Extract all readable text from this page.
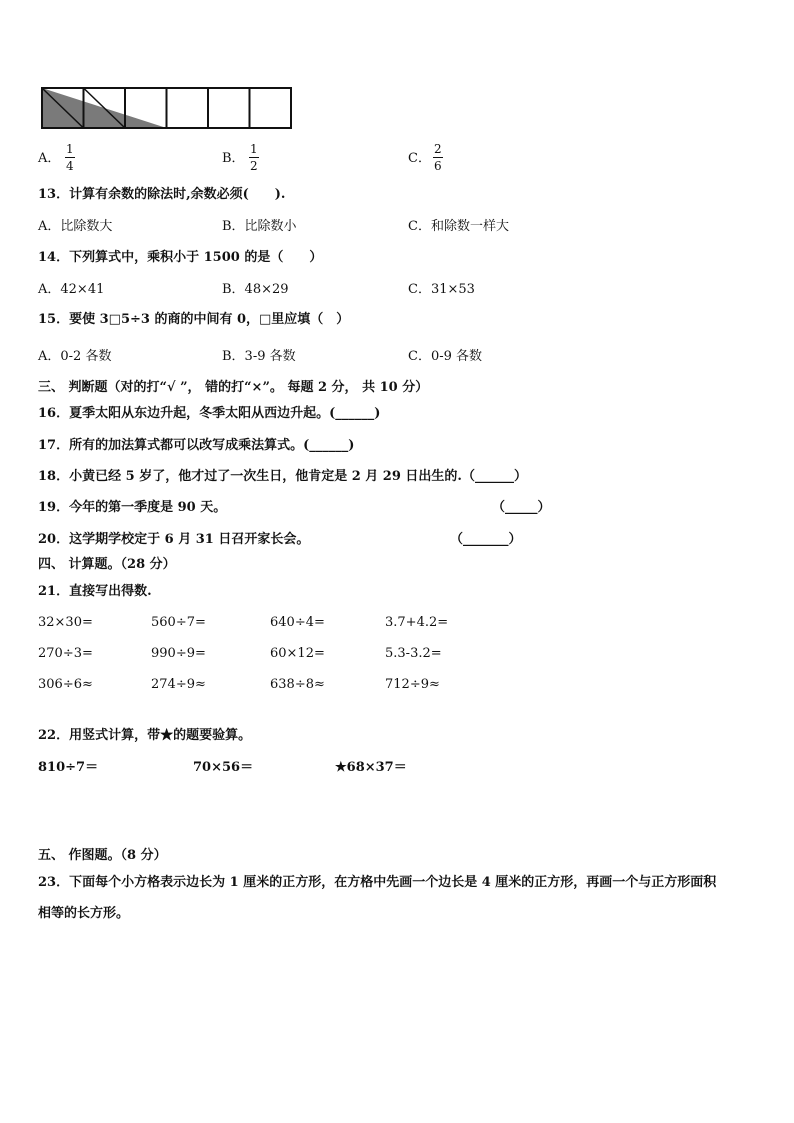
A．
1
4	B．
1
2	C．
2
6
13．计算有余数的除法时,余数必须(　　).
A．比除数大	B．比除数小	C．和除数一样大
14．下列算式中，乘积小于 1500 的是（　　）
A．42×41	B．48×29	C．31×53
15．要使 3□5÷3 的商的中间有 0，□里应填（　）
A．0-2 各数	B．3-9 各数	C．0-9 各数
三、 判断题（对的打“√ ”， 错的打“×”。 每题 2 分， 共 10 分）
16．夏季太阳从东边升起，冬季太阳从西边升起。(______)
17．所有的加法算式都可以改写成乘法算式。(______)
18．小黄已经 5 岁了，他才过了一次生日，他肯定是 2 月 29 日出生的.（______）
19．今年的第一季度是 90 天。	（_____）
20．这学期学校定于 6 月 31 日召开家长会。	（_______）
四、 计算题。（28 分）
21．直接写出得数.
32×30=	560÷7=	640÷4=	3.7+4.2=
270÷3=	990÷9=	60×12=	5.3-3.2=
306÷6≈	274÷9≈	638÷8≈	712÷9≈
22．用竖式计算，带★的题要验算。
810÷7＝	70×56＝	★68×37＝
五、 作图题。（8 分）
23．下面每个小方格表示边长为 1 厘米的正方形，在方格中先画一个边长是 4 厘米的正方形，再画一个与正方形面积
相等的长方形。
